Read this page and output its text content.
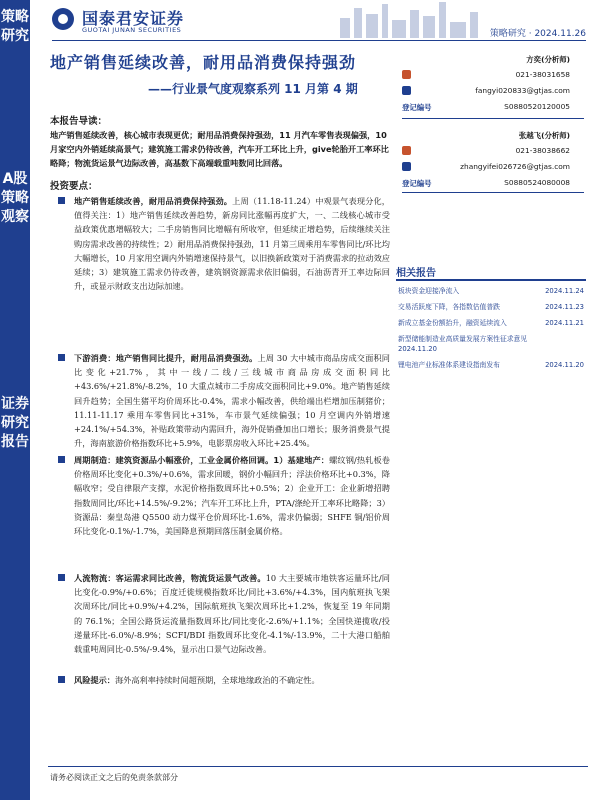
策略研究
A股策略观察
证券研究报告
国泰君安证券
GUOTAI JUNAN SECURITIES	策略研究 · 2024.11.26
地产销售延续改善，耐用品消费保持强劲
——行业景气度观察系列 11 月第 4 期
本报告导读：
地产销售延续改善，核心城市表现更优；耐用品消费保持强劲，11 月汽车零售表现偏强，10 月家空内外销延续高景气；建筑施工需求仍待改善，汽车开工环比上升，give轮胎开工率环比略降；物流货运景气边际改善，高基数下高端载重吨数同比回落。
投资要点：
地产销售延续改善，耐用品消费保持强劲。上周（11.18-11.24）中观景气表现分化，值得关注：1）地产销售延续改善趋势，新房同比涨幅再度扩大，一、二线核心城市受益政策优惠增幅较大；二手房销售同比增幅有所收窄，但延续正增趋势，后续继续关注购房需求改善的持续性；2）耐用品消费保持强劲，11 月第三周乘用车零售同比/环比均大幅增长，10 月家用空调内外销增速保持景气，以旧换新政策对于消费需求的拉动效应延续；3）建筑施工需求仍待改善，建筑钢资源需求依旧偏弱，石油沥青开工率边际回升，或显示财政支出边际加速。
下游消费：地产销售同比提升，耐用品消费强劲。上周 30 大中城市商品房成交面积同比变化+21.7%，其中一线/二线/三线城市商品房成交面积同比+43.6%/+21.8%/-8.2%，10 大重点城市二手房成交面积同比+9.0%。地产销售延续回升趋势；全国生猪平均价周环比-0.4%，需求小幅改善，供给端出栏增加压制猪价；11.11-11.17 乘用车零售同比+31%，车市景气延续偏强；10 月空调内外销增速+24.1%/+54.3%，补贴政策带动内需回升，海外促销叠加出口增长；服务消费景气提升，海南旅游价格指数环比+5.9%，电影票房收入环比+25.4%。
周期制造：建筑资源品小幅涨价，工业金属价格回调。1）基建地产：螺纹钢/热轧板卷价格周环比变化+0.3%/+0.6%，需求回暖，钢价小幅回升；浮法价格环比+0.3%，降幅收窄；受自律限产支撑，水泥价格指数周环比+0.5%；2）企业开工：企业新增招聘指数周同比/环比+14.5%/-9.2%；汽车开工环比上升，PTA/涤纶开工率环比略降；3）资源品：秦皇岛港 Q5500 动力煤平仓价周环比-1.6%，需求仍偏弱；SHFE 铜/铝价周环比变化-0.1%/-1.7%，美国降息预期回落压制金属价格。
人流物流：客运需求同比改善，物流货运景气改善。10 大主要城市地铁客运量环比/同比变化-0.9%/+0.6%；百度迁徙规模指数环比/同比+3.6%/+4.3%，国内航班执飞架次周环比/同比+0.9%/+4.2%，国际航班执飞架次周环比+1.2%，恢复至 19 年同期的 76.1%；全国公路货运流量指数周环比/同比变化-2.6%/+1.1%；全国快递揽收/投递量环比-6.0%/-8.9%；SCFI/BDI 指数周环比变化-4.1%/-13.9%，二十大港口船舶载重吨周同比-0.5%/-9.4%，显示出口景气边际改善。
风险提示：海外高利率持续时间超预期，全球地缘政治的不确定性。
方奕(分析师)
021-38031658
fangyi020833@gtjas.com
登记编号	S0880520120005
张越飞(分析师)
021-38038662
zhangyifei026726@gtjas.com
登记编号	S0880524080008
相关报告
板块资金迎接净流入	2024.11.24
交易活跃度下降，各指数估值普跌	2024.11.23
新成立基金份额抬升，融资延续流入	2024.11.21
新型储能制造业高质量发展方案性征求意见
2024.11.20
锂电池产业标准体系建设指南发布	2024.11.20
请务必阅读正文之后的免责条款部分
